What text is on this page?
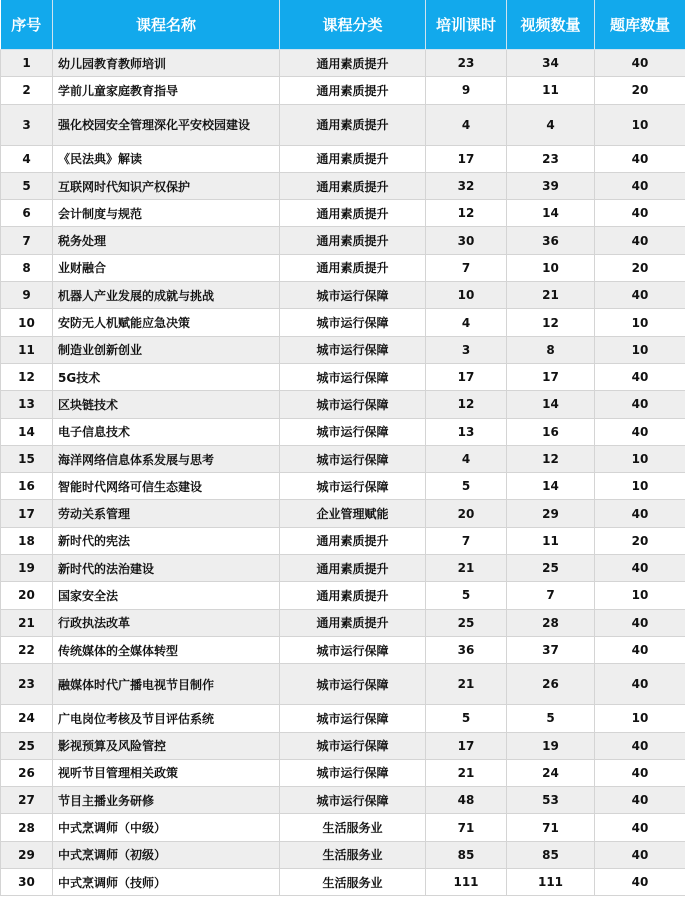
序号	课程名称	课程分类	培训课时	视频数量	题库数量
1	幼儿园教育教师培训	通用素质提升	23	34	40
2	学前儿童家庭教育指导	通用素质提升	9	11	20
3	强化校园安全管理深化平安校园建设	通用素质提升	4	4	10
4	《民法典》解读	通用素质提升	17	23	40
5	互联网时代知识产权保护	通用素质提升	32	39	40
6	会计制度与规范	通用素质提升	12	14	40
7	税务处理	通用素质提升	30	36	40
8	业财融合	通用素质提升	7	10	20
9	机器人产业发展的成就与挑战	城市运行保障	10	21	40
10	安防无人机赋能应急决策	城市运行保障	4	12	10
11	制造业创新创业	城市运行保障	3	8	10
12	5G技术	城市运行保障	17	17	40
13	区块链技术	城市运行保障	12	14	40
14	电子信息技术	城市运行保障	13	16	40
15	海洋网络信息体系发展与思考	城市运行保障	4	12	10
16	智能时代网络可信生态建设	城市运行保障	5	14	10
17	劳动关系管理	企业管理赋能	20	29	40
18	新时代的宪法	通用素质提升	7	11	20
19	新时代的法治建设	通用素质提升	21	25	40
20	国家安全法	通用素质提升	5	7	10
21	行政执法改革	通用素质提升	25	28	40
22	传统媒体的全媒体转型	城市运行保障	36	37	40
23	融媒体时代广播电视节目制作	城市运行保障	21	26	40
24	广电岗位考核及节目评估系统	城市运行保障	5	5	10
25	影视预算及风险管控	城市运行保障	17	19	40
26	视听节目管理相关政策	城市运行保障	21	24	40
27	节目主播业务研修	城市运行保障	48	53	40
28	中式烹调师（中级）	生活服务业	71	71	40
29	中式烹调师（初级）	生活服务业	85	85	40
30	中式烹调师（技师）	生活服务业	111	111	40
